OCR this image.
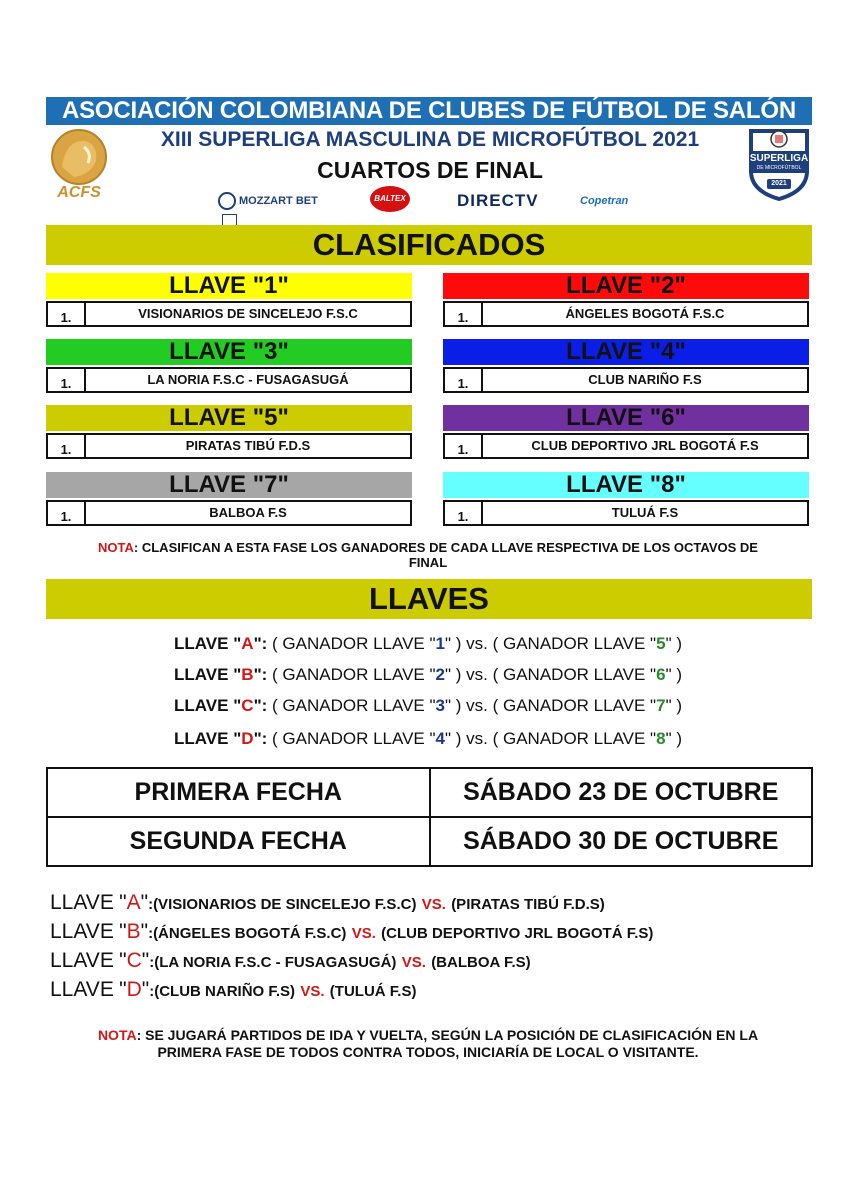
ASOCIACIÓN COLOMBIANA DE CLUBES DE FÚTBOL DE SALÓN
ACFS
XIII SUPERLIGA MASCULINA DE MICROFÚTBOL 2021
CUARTOS DE FINAL	SUPERLIGA
DE MICROFÚTBOL
2021
MOZZART BET	BALTEX	DIRECTV	Copetran
CLASIFICADOS
LLAVE "1"
1.	VISIONARIOS DE SINCELEJO F.S.C
LLAVE "2"
1.	ÁNGELES BOGOTÁ F.S.C
LLAVE "3"
1.	LA NORIA F.S.C - FUSAGASUGÁ
LLAVE "4"
1.	CLUB NARIÑO F.S
LLAVE "5"
1.	PIRATAS TIBÚ F.D.S
LLAVE "6"
1.	CLUB DEPORTIVO JRL BOGOTÁ F.S
LLAVE "7"
1.	BALBOA F.S
LLAVE "8"
1.	TULUÁ F.S
NOTA: CLASIFICAN A ESTA FASE LOS GANADORES DE CADA LLAVE RESPECTIVA DE LOS OCTAVOS DE FINAL
LLAVES
LLAVE "A": ( GANADOR LLAVE "1" ) vs. ( GANADOR LLAVE "5" )
LLAVE "B": ( GANADOR LLAVE "2" ) vs. ( GANADOR LLAVE "6" )
LLAVE "C": ( GANADOR LLAVE "3" ) vs. ( GANADOR LLAVE "7" )
LLAVE "D": ( GANADOR LLAVE "4" ) vs. ( GANADOR LLAVE "8" )
PRIMERA FECHA	SÁBADO 23 DE OCTUBRE
SEGUNDA FECHA	SÁBADO 30 DE OCTUBRE
LLAVE "A":(VISIONARIOS DE SINCELEJO F.S.C) VS. (PIRATAS TIBÚ F.D.S)
LLAVE "B":(ÁNGELES BOGOTÁ F.S.C) VS. (CLUB DEPORTIVO JRL BOGOTÁ F.S)
LLAVE "C":(LA NORIA F.S.C - FUSAGASUGÁ) VS. (BALBOA F.S)
LLAVE "D":(CLUB NARIÑO F.S) VS. (TULUÁ F.S)
NOTA: SE JUGARÁ PARTIDOS DE IDA Y VUELTA, SEGÚN LA POSICIÓN DE CLASIFICACIÓN EN LA PRIMERA FASE DE TODOS CONTRA TODOS, INICIARÍA DE LOCAL O VISITANTE.
